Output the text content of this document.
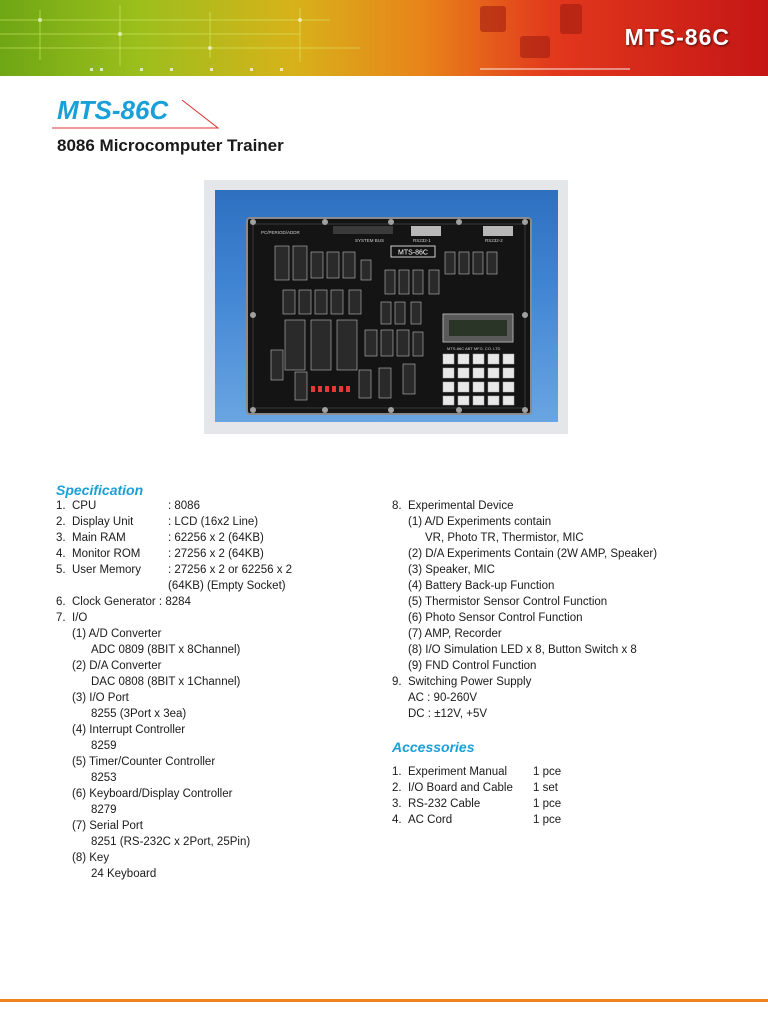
MTS-86C
MTS-86C
8086 Microcomputer Trainer
MTS-86C
PC/PERIOD/ADDR
SYSTEM BUS	RS232-1	RS232-2
MTS-86C ABT MFG. CO. LTD
Specification
1. CPU	: 8086
2. Display Unit	: LCD (16x2 Line)
3. Main RAM	: 62256 x 2 (64KB)
4. Monitor ROM : 27256 x 2 (64KB)
5. User Memory : 27256 x 2 or 62256 x 2
(64KB) (Empty Socket)
6. Clock Generator : 8284
7. I/O
(1) A/D Converter
ADC 0809 (8BIT x 8Channel)
(2) D/A Converter
DAC 0808 (8BIT x 1Channel)
(3) I/O Port
8255 (3Port x 3ea)
(4) Interrupt Controller
8259
(5) Timer/Counter Controller
8253
(6) Keyboard/Display Controller
8279
(7) Serial Port
8251 (RS-232C x 2Port, 25Pin)
(8) Key
24 Keyboard
8. Experimental Device
(1) A/D Experiments contain
VR, Photo TR, Thermistor, MIC
(2) D/A Experiments Contain (2W AMP, Speaker)
(3) Speaker, MIC
(4) Battery Back-up Function
(5) Thermistor Sensor Control Function
(6) Photo Sensor Control Function
(7) AMP, Recorder
(8) I/O Simulation LED x 8, Button Switch x 8
(9) FND Control Function
9. Switching Power Supply
AC : 90-260V
DC : ±12V, +5V
Accessories
1. Experiment Manual 1 pce
2. I/O Board and Cable 1 set
3. RS-232 Cable	1 pce
4. AC Cord	1 pce
